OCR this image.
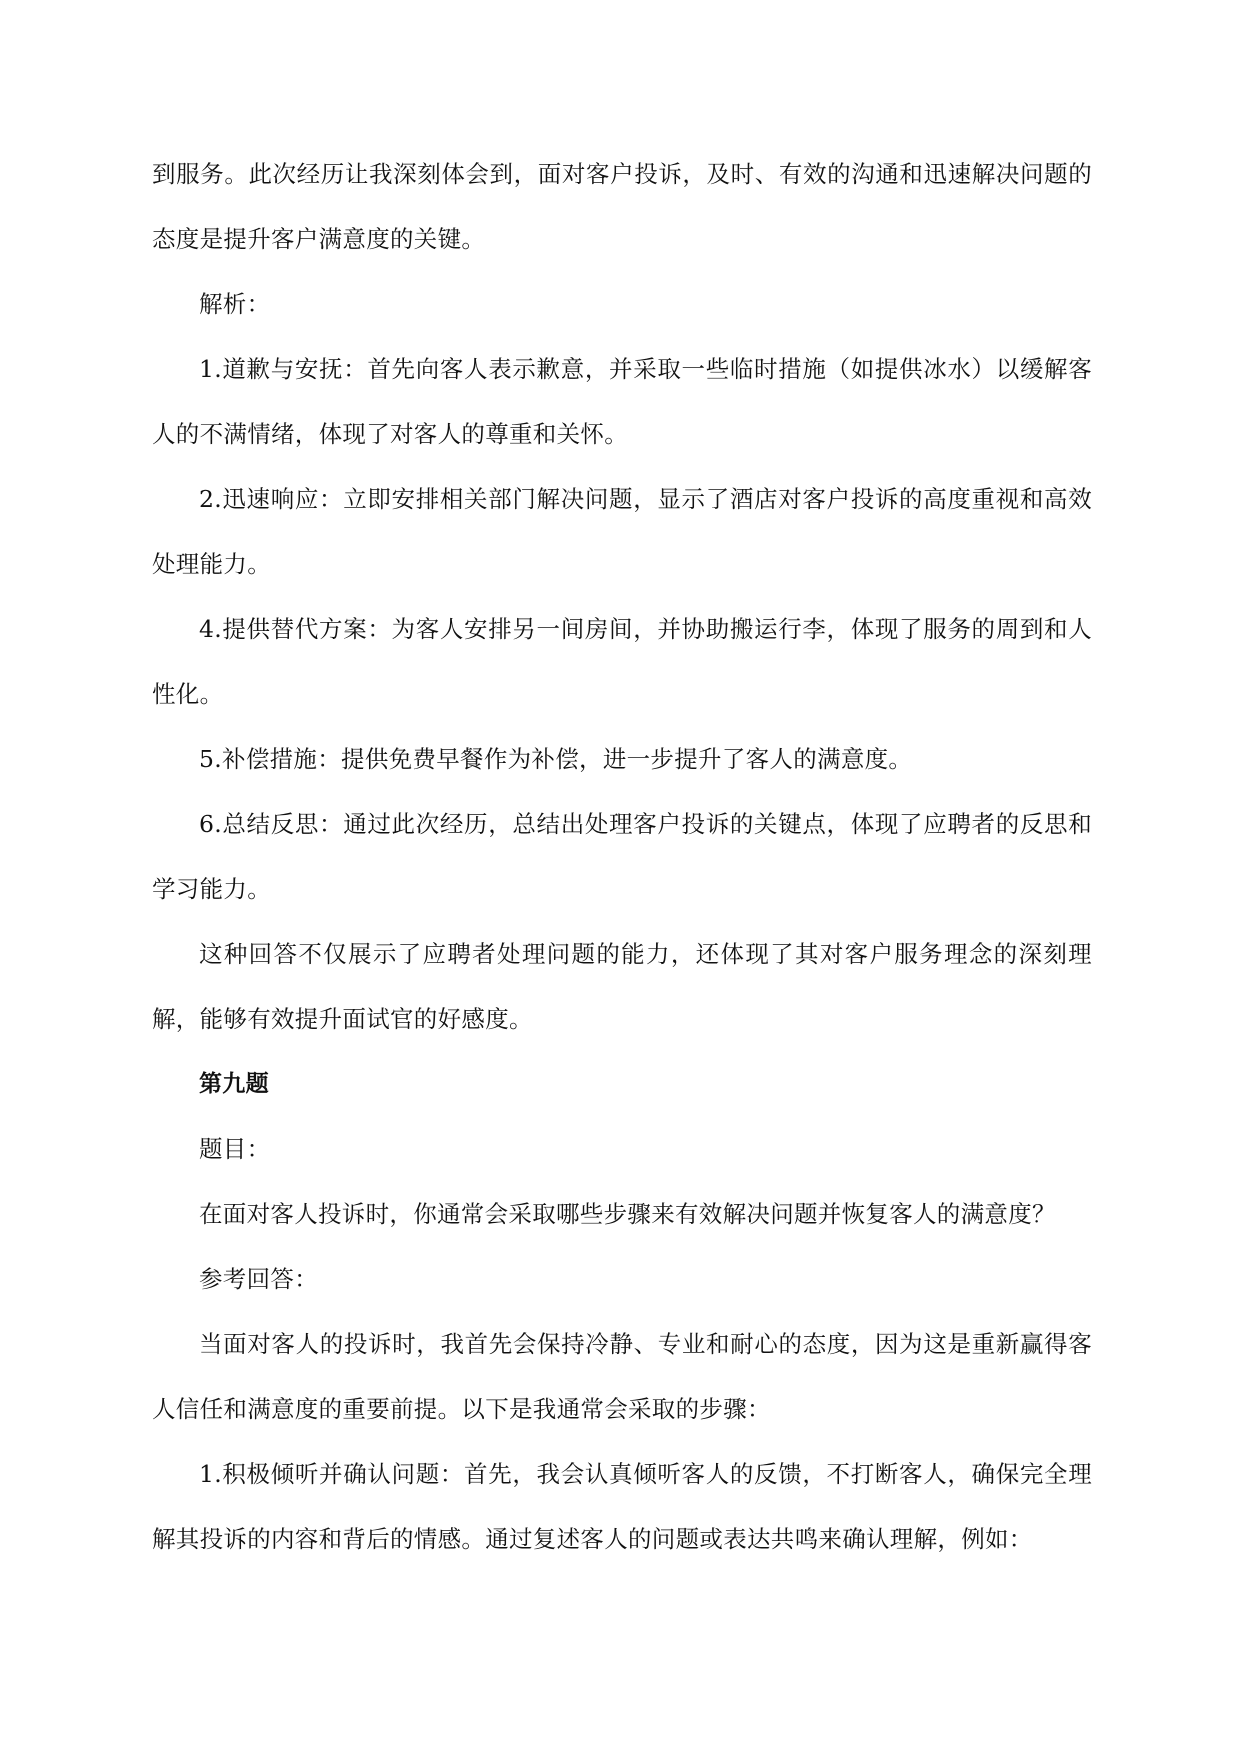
到服务。此次经历让我深刻体会到，面对客户投诉，及时、有效的沟通和迅速解决问题的态度是提升客户满意度的关键。

解析：

1.道歉与安抚：首先向客人表示歉意，并采取一些临时措施（如提供冰水）以缓解客人的不满情绪，体现了对客人的尊重和关怀。

2.迅速响应：立即安排相关部门解决问题，显示了酒店对客户投诉的高度重视和高效处理能力。

4.提供替代方案：为客人安排另一间房间，并协助搬运行李，体现了服务的周到和人性化。

5.补偿措施：提供免费早餐作为补偿，进一步提升了客人的满意度。

6.总结反思：通过此次经历，总结出处理客户投诉的关键点，体现了应聘者的反思和学习能力。

这种回答不仅展示了应聘者处理问题的能力，还体现了其对客户服务理念的深刻理解，能够有效提升面试官的好感度。

第九题

题目：

在面对客人投诉时，你通常会采取哪些步骤来有效解决问题并恢复客人的满意度？

参考回答：

当面对客人的投诉时，我首先会保持冷静、专业和耐心的态度，因为这是重新赢得客人信任和满意度的重要前提。以下是我通常会采取的步骤：

1.积极倾听并确认问题：首先，我会认真倾听客人的反馈，不打断客人，确保完全理解其投诉的内容和背后的情感。通过复述客人的问题或表达共鸣来确认理解，例如：
